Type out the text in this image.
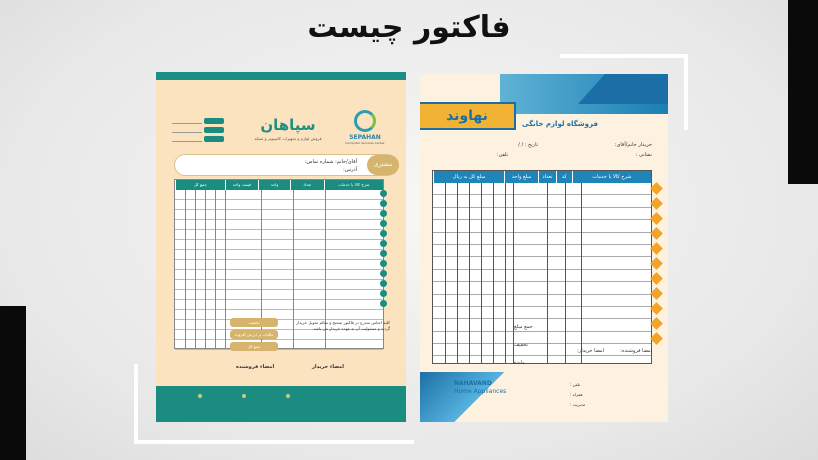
فاکتور چیست
SEPAHAN
Computer Services Center
سپاهان
فروش لوازم و تجهیزات کامپیوتر و شبکه
مشتری
آقای/خانم: شماره تماس:
آدرس:
شرح کالا یا خدمات
تعداد
واحد
قیمت واحد
جمع کل
تخفیف
مالیات بر ارزش افزوده
جمع کل
کلیه اجناس مندرج در فاکتور صحیح و سالم تحویل خریدار گردید و مسئولیت آن به عهده خریدار می باشد.
امضاء خریدار
امضاء فروشنده
نهاوند	فروشگاه لوازم خانگی
خریدار خانم/آقای:
تاریخ : / /
نشانی :
تلفن:
شرح کالا یا خدمات
کد
تعداد
مبلغ واحد
مبلغ کل به ریال
جمع مبلغ
تخفیف
مانده
امضا فروشنده:
امضا خریدار:
NAHAVAND
Home Appliances
تلفن :
همراه :
مدیریت :
